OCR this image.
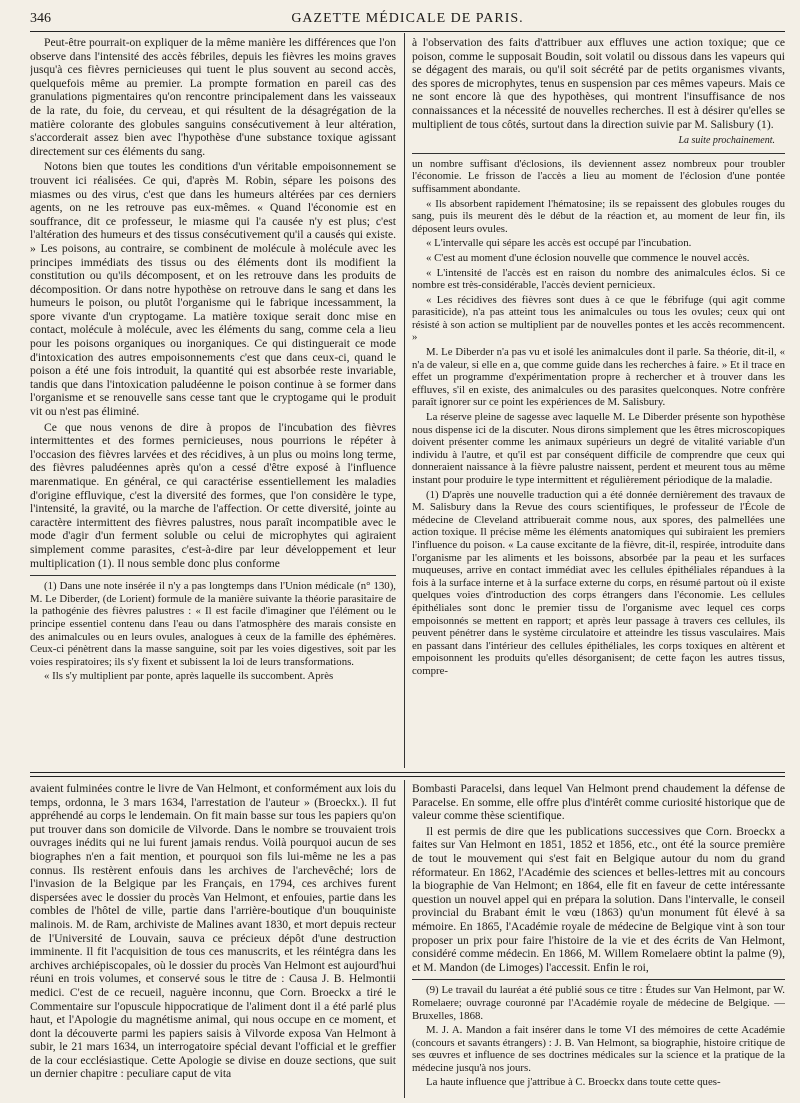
346	GAZETTE MÉDICALE DE PARIS.

Peut-être pourrait-on expliquer de la même manière les différences que l'on observe dans l'intensité des accès fébriles, depuis les fièvres les moins graves jusqu'à ces fièvres pernicieuses qui tuent le plus souvent au second accès, quelquefois même au premier. La prompte formation en pareil cas des granulations pigmentaires qu'on rencontre principalement dans les vaisseaux de la rate, du foie, du cerveau, et qui résultent de la désagrégation de la matière colorante des globules sanguins consécutivement à leur altération, s'accorderait assez bien avec l'hypothèse d'une substance toxique agissant directement sur ces éléments du sang.

Notons bien que toutes les conditions d'un véritable empoisonnement se trouvent ici réalisées. Ce qui, d'après M. Robin, sépare les poisons des miasmes ou des virus, c'est que dans les humeurs altérées par ces derniers agents, on ne les retrouve pas eux-mêmes. « Quand l'économie est en souffrance, dit ce professeur, le miasme qui l'a causée n'y est plus; c'est l'altération des humeurs et des tissus consécutivement qu'il a causés qui existe. » Les poisons, au contraire, se combinent de molécule à molécule avec les principes immédiats des tissus ou des éléments dont ils modifient la constitution ou qu'ils décomposent, et on les retrouve dans les produits de décomposition. Or dans notre hypothèse on retrouve dans le sang et dans les humeurs le poison, ou plutôt l'organisme qui le fabrique incessamment, la spore vivante d'un cryptogame. La matière toxique serait donc mise en contact, molécule à molécule, avec les éléments du sang, comme cela a lieu pour les poisons organiques ou inorganiques. Ce qui distinguerait ce mode d'intoxication des autres empoisonnements c'est que dans ceux-ci, quand le poison a été une fois introduit, la quantité qui est absorbée reste invariable, tandis que dans l'intoxication paludéenne le poison continue à se former dans l'organisme et se renouvelle sans cesse tant que le cryptogame qui le produit vit ou n'est pas éliminé.

Ce que nous venons de dire à propos de l'incubation des fièvres intermittentes et des formes pernicieuses, nous pourrions le répéter à l'occasion des fièvres larvées et des récidives, à un plus ou moins long terme, des fièvres paludéennes après qu'on a cessé d'être exposé à l'influence marenmatique. En général, ce qui caractérise essentiellement les maladies d'origine effluvique, c'est la diversité des formes, que l'on considère le type, l'intensité, la gravité, ou la marche de l'affection. Or cette diversité, jointe au caractère intermittent des fièvres palustres, nous paraît incompatible avec le mode d'agir d'un ferment soluble ou celui de microphytes qui agiraient simplement comme parasites, c'est-à-dire par leur développement et leur multiplication (1). Il nous semble donc plus conforme

(1) Dans une note insérée il n'y a pas longtemps dans l'Union médicale (n° 130), M. Le Diberder, (de Lorient) formule de la manière suivante la théorie parasitaire de la pathogénie des fièvres palustres : « Il est facile d'imaginer que l'élément ou le principe essentiel contenu dans l'eau ou dans l'atmosphère des marais consiste en des animalcules ou en leurs ovules, analogues à ceux de la famille des éphémères. Ceux-ci pénètrent dans la masse sanguine, soit par les voies digestives, soit par les voies respiratoires; ils s'y fixent et subissent la loi de leurs transformations.

« Ils s'y multiplient par ponte, après laquelle ils succombent. Après

à l'observation des faits d'attribuer aux effluves une action toxique; que ce poison, comme le supposait Boudin, soit volatil ou dissous dans les vapeurs qui se dégagent des marais, ou qu'il soit sécrété par de petits organismes vivants, des spores de microphytes, tenus en suspension par ces mêmes vapeurs. Mais ce ne sont encore là que des hypothèses, qui montrent l'insuffisance de nos connaissances et la nécessité de nouvelles recherches. Il est à désirer qu'elles se multiplient de tous côtés, surtout dans la direction suivie par M. Salisbury (1).

La suite prochainement.

un nombre suffisant d'éclosions, ils deviennent assez nombreux pour troubler l'économie. Le frisson de l'accès a lieu au moment de l'éclosion d'une pontée suffisamment abondante.

« Ils absorbent rapidement l'hématosine; ils se repaissent des globules rouges du sang, puis ils meurent dès le début de la réaction et, au moment de leur fin, ils déposent leurs ovules.

« L'intervalle qui sépare les accès est occupé par l'incubation.

« C'est au moment d'une éclosion nouvelle que commence le nouvel accès.

« L'intensité de l'accès est en raison du nombre des animalcules éclos. Si ce nombre est très-considérable, l'accès devient pernicieux.

« Les récidives des fièvres sont dues à ce que le fébrifuge (qui agit comme parasiticide), n'a pas atteint tous les animalcules ou tous les ovules; ceux qui ont résisté à son action se multiplient par de nouvelles pontes et les accès recommencent. »

M. Le Diberder n'a pas vu et isolé les animalcules dont il parle. Sa théorie, dit-il, « n'a de valeur, si elle en a, que comme guide dans les recherches à faire. » Et il trace en effet un programme d'expérimentation propre à rechercher et à trouver dans les effluves, s'il en existe, des animalcules ou des parasites quelconques. Notre confrère paraît ignorer sur ce point les expériences de M. Salisbury.

La réserve pleine de sagesse avec laquelle M. Le Diberder présente son hypothèse nous dispense ici de la discuter. Nous dirons simplement que les êtres microscopiques doivent présenter comme les animaux supérieurs un degré de vitalité variable d'un individu à l'autre, et qu'il est par conséquent difficile de comprendre que ceux qui donneraient naissance à la fièvre palustre naissent, perdent et meurent tous au même instant pour produire le type intermittent et régulièrement périodique de la maladie.

(1) D'après une nouvelle traduction qui a été donnée dernièrement des travaux de M. Salisbury dans la Revue des cours scientifiques, le professeur de l'École de médecine de Cleveland attribuerait comme nous, aux spores, des palmellées une action toxique. Il précise même les éléments anatomiques qui subiraient les premiers l'influence du poison. « La cause excitante de la fièvre, dit-il, respirée, introduite dans l'organisme par les aliments et les boissons, absorbée par la peau et les surfaces muqueuses, arrive en contact immédiat avec les cellules épithéliales répandues à la fois à la surface interne et à la surface externe du corps, en résumé partout où il existe quelques voies d'introduction des corps étrangers dans l'économie. Les cellules épithéliales sont donc le premier tissu de l'organisme avec lequel ces corps empoisonnés se mettent en rapport; et après leur passage à travers ces cellules, ils peuvent pénétrer dans le système circulatoire et atteindre les tissus vasculaires. Mais en passant dans l'intérieur des cellules épithéliales, les corps toxiques en altèrent et empoisonnent les produits qu'elles désorganisent; de cette façon les autres tissus, compre-

avaient fulminées contre le livre de Van Helmont, et conformément aux lois du temps, ordonna, le 3 mars 1634, l'arrestation de l'auteur » (Broeckx.). Il fut appréhendé au corps le lendemain. On fit main basse sur tous les papiers qu'on put trouver dans son domicile de Vilvorde. Dans le nombre se trouvaient trois ouvrages inédits qui ne lui furent jamais rendus. Voilà pourquoi aucun de ses biographes n'en a fait mention, et pourquoi son fils lui-même ne les a pas connus. Ils restèrent enfouis dans les archives de l'archevêché; lors de l'invasion de la Belgique par les Français, en 1794, ces archives furent dispersées avec le dossier du procès Van Helmont, et enfouies, partie dans les combles de l'hôtel de ville, partie dans l'arrière-boutique d'un bouquiniste malinois. M. de Ram, archiviste de Malines avant 1830, et mort depuis recteur de l'Université de Louvain, sauva ce précieux dépôt d'une destruction imminente. Il fit l'acquisition de tous ces manuscrits, et les réintégra dans les archives archiépiscopales, où le dossier du procès Van Helmont est aujourd'hui réuni en trois volumes, et conservé sous le titre de : Causa J. B. Helmontii medici. C'est de ce recueil, naguère inconnu, que Corn. Broeckx a tiré le Commentaire sur l'opuscule hippocratique de l'aliment dont il a été parlé plus haut, et l'Apologie du magnétisme animal, qui nous occupe en ce moment, et dont la découverte parmi les papiers saisis à Vilvorde exposa Van Helmont à subir, le 21 mars 1634, un interrogatoire spécial devant l'official et le greffier de la cour ecclésiastique. Cette Apologie se divise en douze sections, que suit un dernier chapitre : peculiare caput de vita

Bombasti Paracelsi, dans lequel Van Helmont prend chaudement la défense de Paracelse. En somme, elle offre plus d'intérêt comme curiosité historique que de valeur comme thèse scientifique.

Il est permis de dire que les publications successives que Corn. Broeckx a faites sur Van Helmont en 1851, 1852 et 1856, etc., ont été la source première de tout le mouvement qui s'est fait en Belgique autour du nom du grand réformateur. En 1862, l'Académie des sciences et belles-lettres mit au concours la biographie de Van Helmont; en 1864, elle fit en faveur de cette intéressante question un nouvel appel qui en prépara la solution. Dans l'intervalle, le conseil provincial du Brabant émit le vœu (1863) qu'un monument fût élevé à sa mémoire. En 1865, l'Académie royale de médecine de Belgique vint à son tour proposer un prix pour faire l'histoire de la vie et des écrits de Van Helmont, considéré comme médecin. En 1866, M. Willem Romelaere obtint la palme (9), et M. Mandon (de Limoges) l'accessit. Enfin le roi,

(9) Le travail du lauréat a été publié sous ce titre : Études sur Van Helmont, par W. Romelaere; ouvrage couronné par l'Académie royale de médecine de Belgique. — Bruxelles, 1868.

M. J. A. Mandon a fait insérer dans le tome VI des mémoires de cette Académie (concours et savants étrangers) : J. B. Van Helmont, sa biographie, histoire critique de ses œuvres et influence de ses doctrines médicales sur la science et la pratique de la médecine jusqu'à nos jours.

La haute influence que j'attribue à C. Broeckx dans toute cette ques-
